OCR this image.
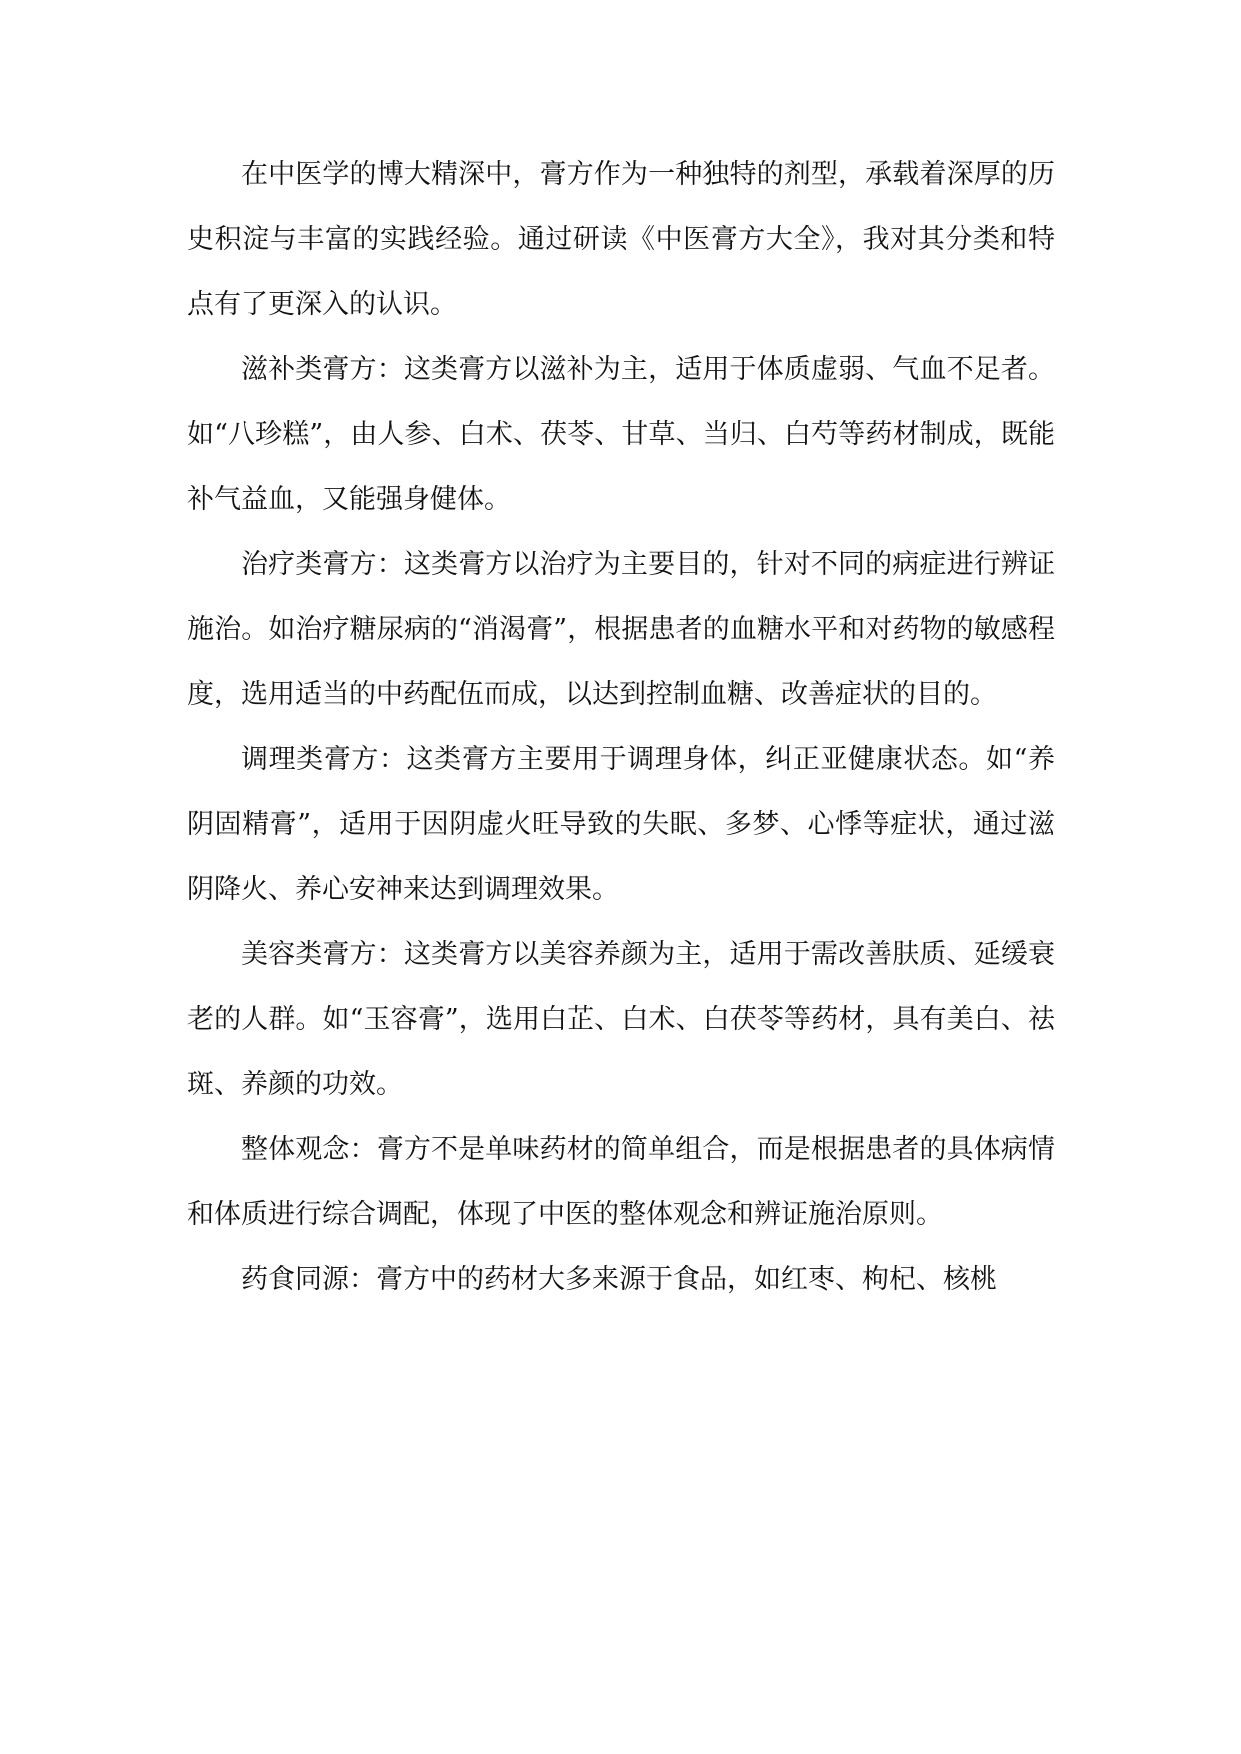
在中医学的博大精深中，膏方作为一种独特的剂型，承载着深厚的历史积淀与丰富的实践经验。通过研读《中医膏方大全》，我对其分类和特点有了更深入的认识。

滋补类膏方：这类膏方以滋补为主，适用于体质虚弱、气血不足者。如“八珍糕”，由人参、白术、茯苓、甘草、当归、白芍等药材制成，既能补气益血，又能强身健体。

治疗类膏方：这类膏方以治疗为主要目的，针对不同的病症进行辨证施治。如治疗糖尿病的“消渴膏”，根据患者的血糖水平和对药物的敏感程度，选用适当的中药配伍而成，以达到控制血糖、改善症状的目的。

调理类膏方：这类膏方主要用于调理身体，纠正亚健康状态。如“养阴固精膏”，适用于因阴虚火旺导致的失眠、多梦、心悸等症状，通过滋阴降火、养心安神来达到调理效果。

美容类膏方：这类膏方以美容养颜为主，适用于需改善肤质、延缓衰老的人群。如“玉容膏”，选用白芷、白术、白茯苓等药材，具有美白、祛斑、养颜的功效。

整体观念：膏方不是单味药材的简单组合，而是根据患者的具体病情和体质进行综合调配，体现了中医的整体观念和辨证施治原则。

药食同源：膏方中的药材大多来源于食品，如红枣、枸杞、核桃
